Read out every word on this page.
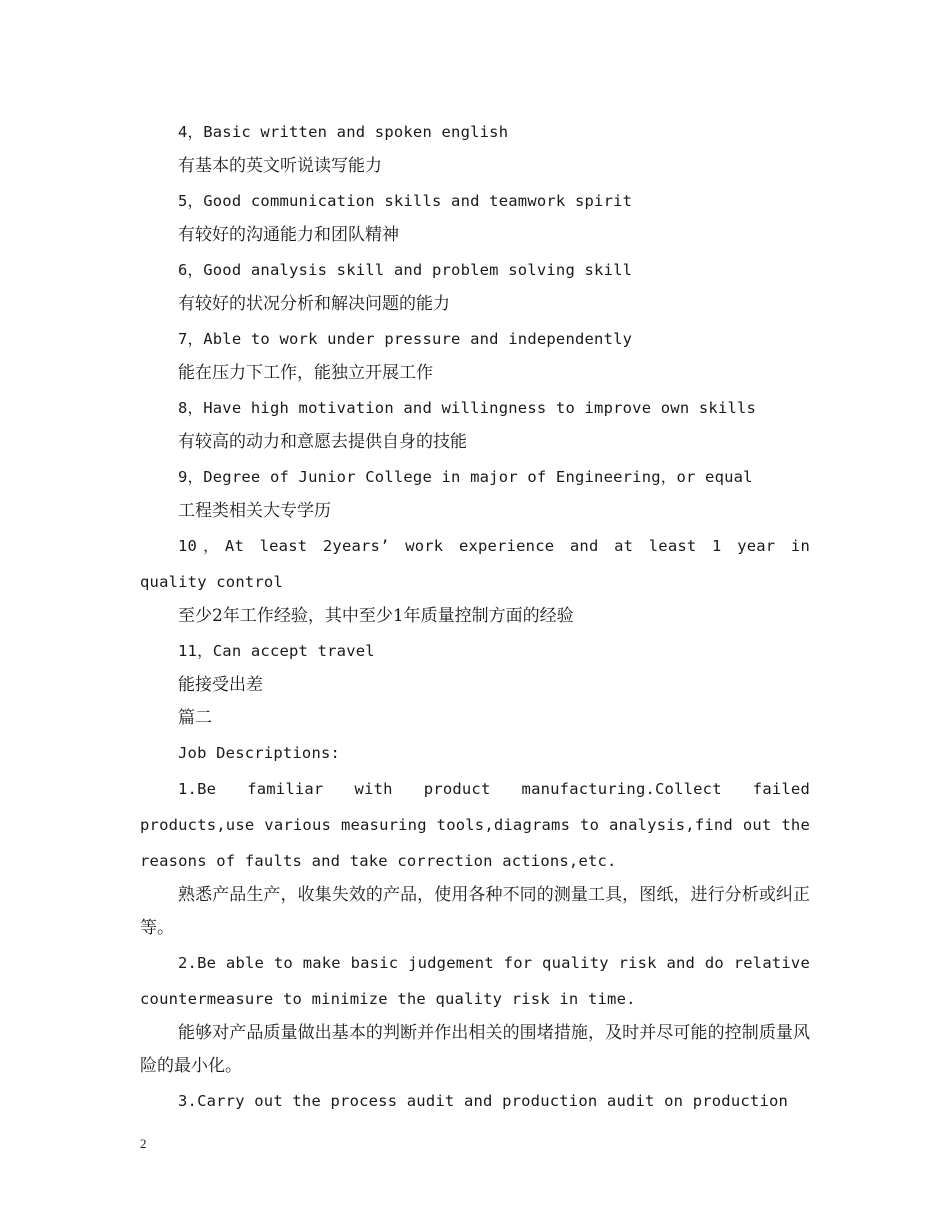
4，Basic written and spoken english

有基本的英文听说读写能力

5，Good communication skills and teamwork spirit

有较好的沟通能力和团队精神

6，Good analysis skill and problem solving skill

有较好的状况分析和解决问题的能力

7，Able to work under pressure and independently

能在压力下工作，能独立开展工作

8，Have high motivation and willingness to improve own skills

有较高的动力和意愿去提供自身的技能

9，Degree of Junior College in major of Engineering，or equal

工程类相关大专学历

10，At least 2years’ work experience and at least 1 year in quality control

至少2年工作经验，其中至少1年质量控制方面的经验

11，Can accept travel

能接受出差

篇二

Job Descriptions:

1.Be familiar with product manufacturing.Collect failed products,use various measuring tools,diagrams to analysis,find out the reasons of faults and take correction actions,etc.

熟悉产品生产，收集失效的产品，使用各种不同的测量工具，图纸，进行分析或纠正等。

2.Be able to make basic judgement for quality risk and do relative countermeasure to minimize the quality risk in time.

能够对产品质量做出基本的判断并作出相关的围堵措施，及时并尽可能的控制质量风险的最小化。

3.Carry out the process audit and production audit on production

2
